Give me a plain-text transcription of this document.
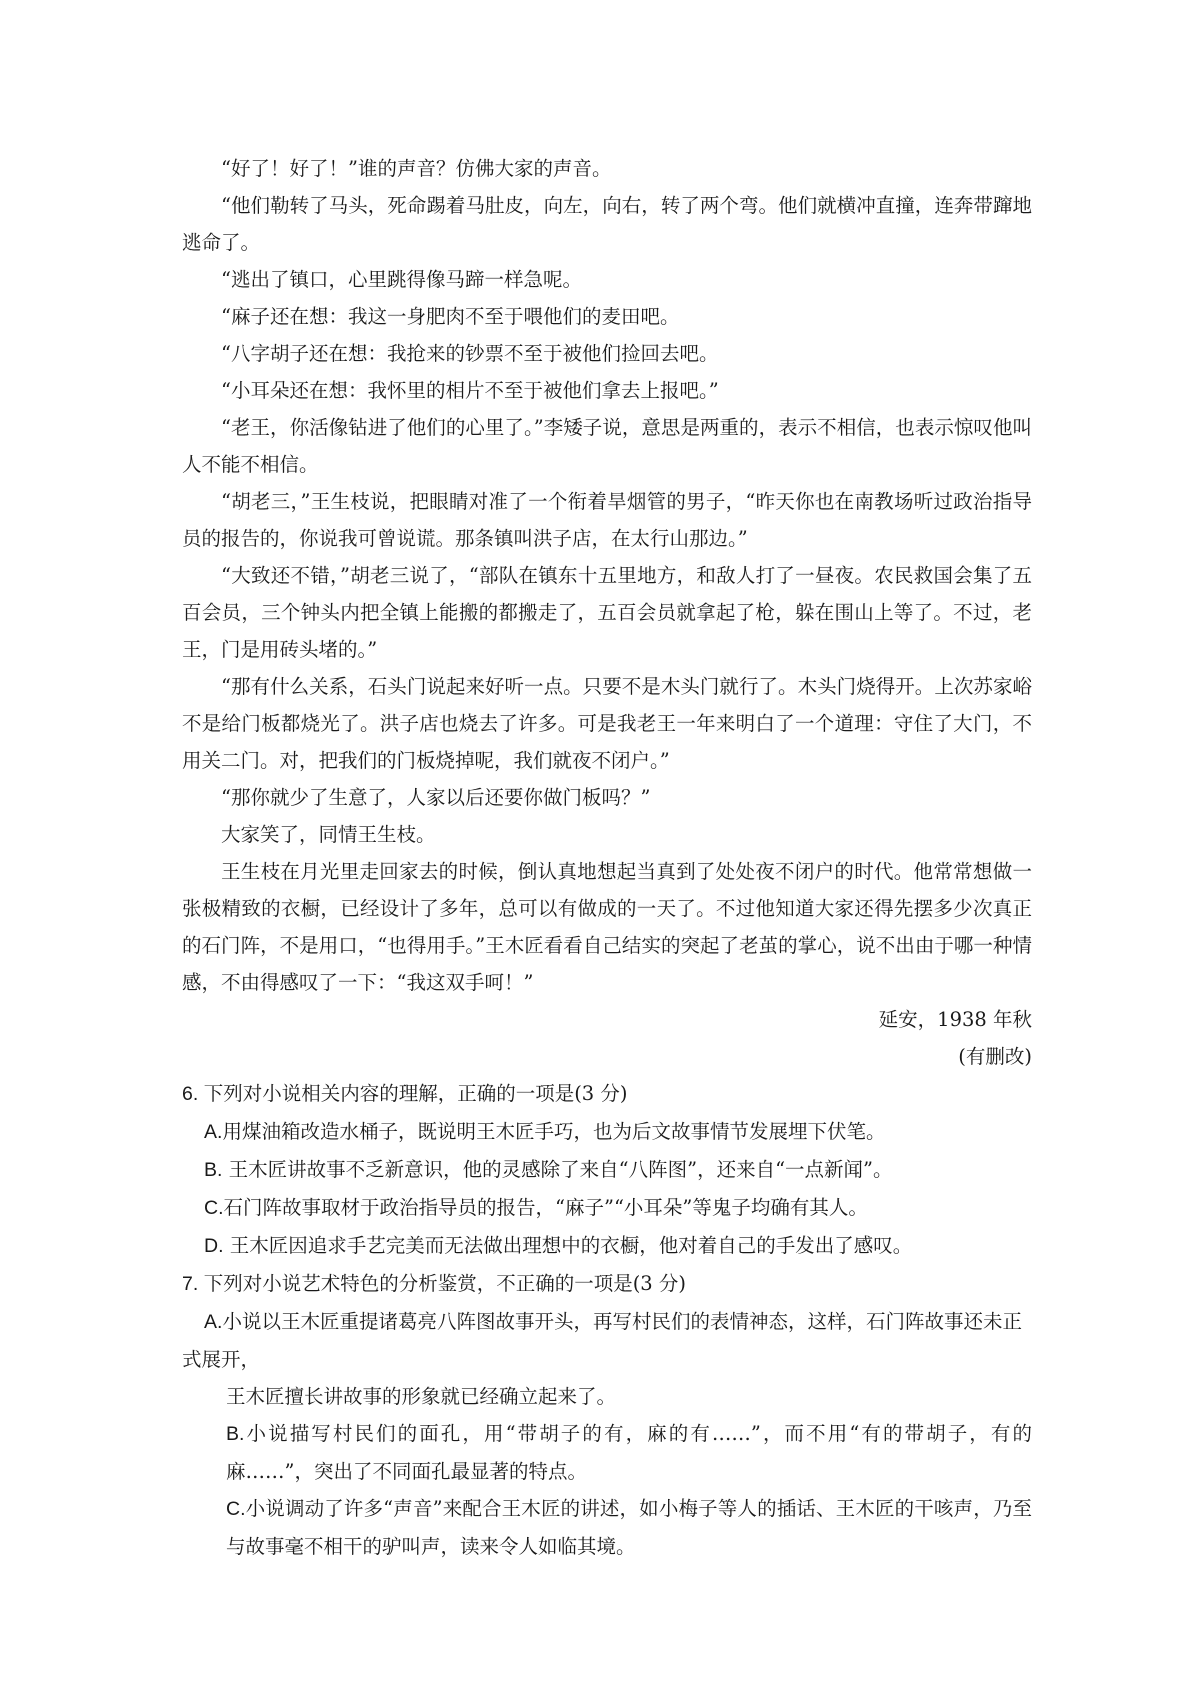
“好了！好了！”谁的声音？仿佛大家的声音。

“他们勒转了马头，死命踢着马肚皮，向左，向右，转了两个弯。他们就横冲直撞，连奔带蹿地逃命了。

“逃出了镇口，心里跳得像马蹄一样急呢。

“麻子还在想：我这一身肥肉不至于喂他们的麦田吧。

“八字胡子还在想：我抢来的钞票不至于被他们捡回去吧。

“小耳朵还在想：我怀里的相片不至于被他们拿去上报吧。”

“老王，你活像钻进了他们的心里了。”李矮子说，意思是两重的，表示不相信，也表示惊叹他叫人不能不相信。

“胡老三，”王生枝说，把眼睛对准了一个衔着旱烟管的男子，“昨天你也在南教场听过政治指导员的报告的，你说我可曾说谎。那条镇叫洪子店，在太行山那边。”

“大致还不错，”胡老三说了，“部队在镇东十五里地方，和敌人打了一昼夜。农民救国会集了五百会员，三个钟头内把全镇上能搬的都搬走了，五百会员就拿起了枪，躲在围山上等了。不过，老王，门是用砖头堵的。”

“那有什么关系，石头门说起来好听一点。只要不是木头门就行了。木头门烧得开。上次苏家峪不是给门板都烧光了。洪子店也烧去了许多。可是我老王一年来明白了一个道理：守住了大门，不用关二门。对，把我们的门板烧掉呢，我们就夜不闭户。”

“那你就少了生意了，人家以后还要你做门板吗？”

大家笑了，同情王生枝。

王生枝在月光里走回家去的时候，倒认真地想起当真到了处处夜不闭户的时代。他常常想做一张极精致的衣橱，已经设计了多年，总可以有做成的一天了。不过他知道大家还得先摆多少次真正的石门阵，不是用口，“也得用手。”王木匠看看自己结实的突起了老茧的掌心，说不出由于哪一种情感，不由得感叹了一下：“我这双手呵！”

延安，1938 年秋

(有删改)

6. 下列对小说相关内容的理解，正确的一项是(3 分)

A.用煤油箱改造水桶子，既说明王木匠手巧，也为后文故事情节发展埋下伏笔。

B. 王木匠讲故事不乏新意识，他的灵感除了来自“八阵图”，还来自“一点新闻”。

C.石门阵故事取材于政治指导员的报告，“麻子”“小耳朵”等鬼子均确有其人。

D. 王木匠因追求手艺完美而无法做出理想中的衣橱，他对着自己的手发出了感叹。

7. 下列对小说艺术特色的分析鉴赏，不正确的一项是(3 分)

A.小说以王木匠重提诸葛亮八阵图故事开头，再写村民们的表情神态，这样，石门阵故事还未正式展开，

王木匠擅长讲故事的形象就已经确立起来了。

B.小说描写村民们的面孔，用“带胡子的有，麻的有……”，而不用“有的带胡子，有的麻……”，突出了不同面孔最显著的特点。

C.小说调动了许多“声音”来配合王木匠的讲述，如小梅子等人的插话、王木匠的干咳声，乃至与故事毫不相干的驴叫声，读来令人如临其境。
